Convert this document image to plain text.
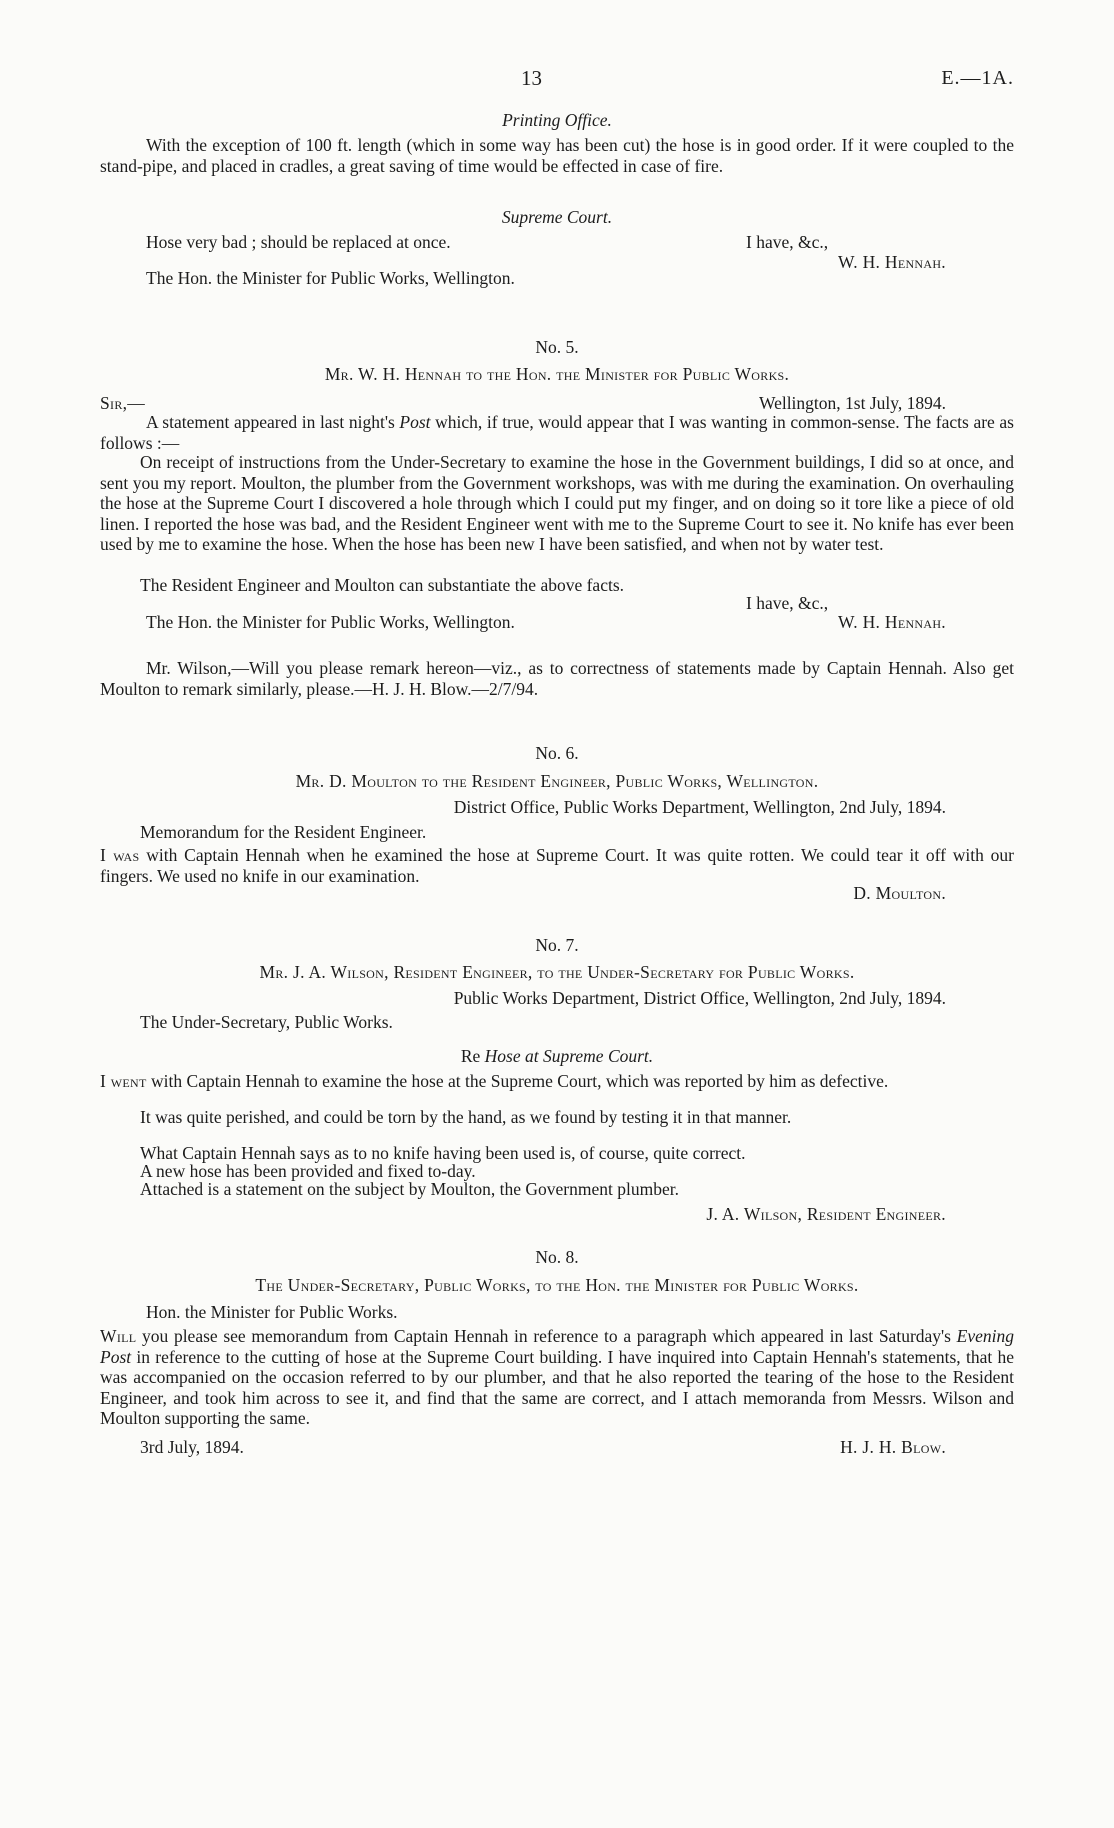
13	E.—1A.
Printing Office.

With the exception of 100 ft. length (which in some way has been cut) the hose is in good order. If it were coupled to the stand-pipe, and placed in cradles, a great saving of time would be effected in case of fire.

Supreme Court.
Hose very bad ; should be replaced at once.	I have, &c.,
W. H. Hennah.
The Hon. the Minister for Public Works, Wellington.
No. 5.
Mr. W. H. Hennah to the Hon. the Minister for Public Works.
Sir,—	Wellington, 1st July, 1894.

A statement appeared in last night's Post which, if true, would appear that I was wanting in common-sense. The facts are as follows :—

On receipt of instructions from the Under-Secretary to examine the hose in the Government buildings, I did so at once, and sent you my report. Moulton, the plumber from the Government workshops, was with me during the examination. On overhauling the hose at the Supreme Court I discovered a hole through which I could put my finger, and on doing so it tore like a piece of old linen. I reported the hose was bad, and the Resident Engineer went with me to the Supreme Court to see it. No knife has ever been used by me to examine the hose. When the hose has been new I have been satisfied, and when not by water test.

The Resident Engineer and Moulton can substantiate the above facts.

I have, &c.,
The Hon. the Minister for Public Works, Wellington.	W. H. Hennah.

Mr. Wilson,—Will you please remark hereon—viz., as to correctness of statements made by Captain Hennah. Also get Moulton to remark similarly, please.—H. J. H. Blow.—2/7/94.

No. 6.
Mr. D. Moulton to the Resident Engineer, Public Works, Wellington.
District Office, Public Works Department, Wellington, 2nd July, 1894.
Memorandum for the Resident Engineer.

I was with Captain Hennah when he examined the hose at Supreme Court. It was quite rotten. We could tear it off with our fingers. We used no knife in our examination.

D. Moulton.
No. 7.
Mr. J. A. Wilson, Resident Engineer, to the Under-Secretary for Public Works.
Public Works Department, District Office, Wellington, 2nd July, 1894.
The Under-Secretary, Public Works.
Re Hose at Supreme Court.

I went with Captain Hennah to examine the hose at the Supreme Court, which was reported by him as defective.

It was quite perished, and could be torn by the hand, as we found by testing it in that manner.

What Captain Hennah says as to no knife having been used is, of course, quite correct.

A new hose has been provided and fixed to-day.

Attached is a statement on the subject by Moulton, the Government plumber.

J. A. Wilson, Resident Engineer.
No. 8.
The Under-Secretary, Public Works, to the Hon. the Minister for Public Works.
Hon. the Minister for Public Works.

Will you please see memorandum from Captain Hennah in reference to a paragraph which appeared in last Saturday's Evening Post in reference to the cutting of hose at the Supreme Court building. I have inquired into Captain Hennah's statements, that he was accompanied on the occasion referred to by our plumber, and that he also reported the tearing of the hose to the Resident Engineer, and took him across to see it, and find that the same are correct, and I attach memoranda from Messrs. Wilson and Moulton supporting the same.

3rd July, 1894.	H. J. H. Blow.
